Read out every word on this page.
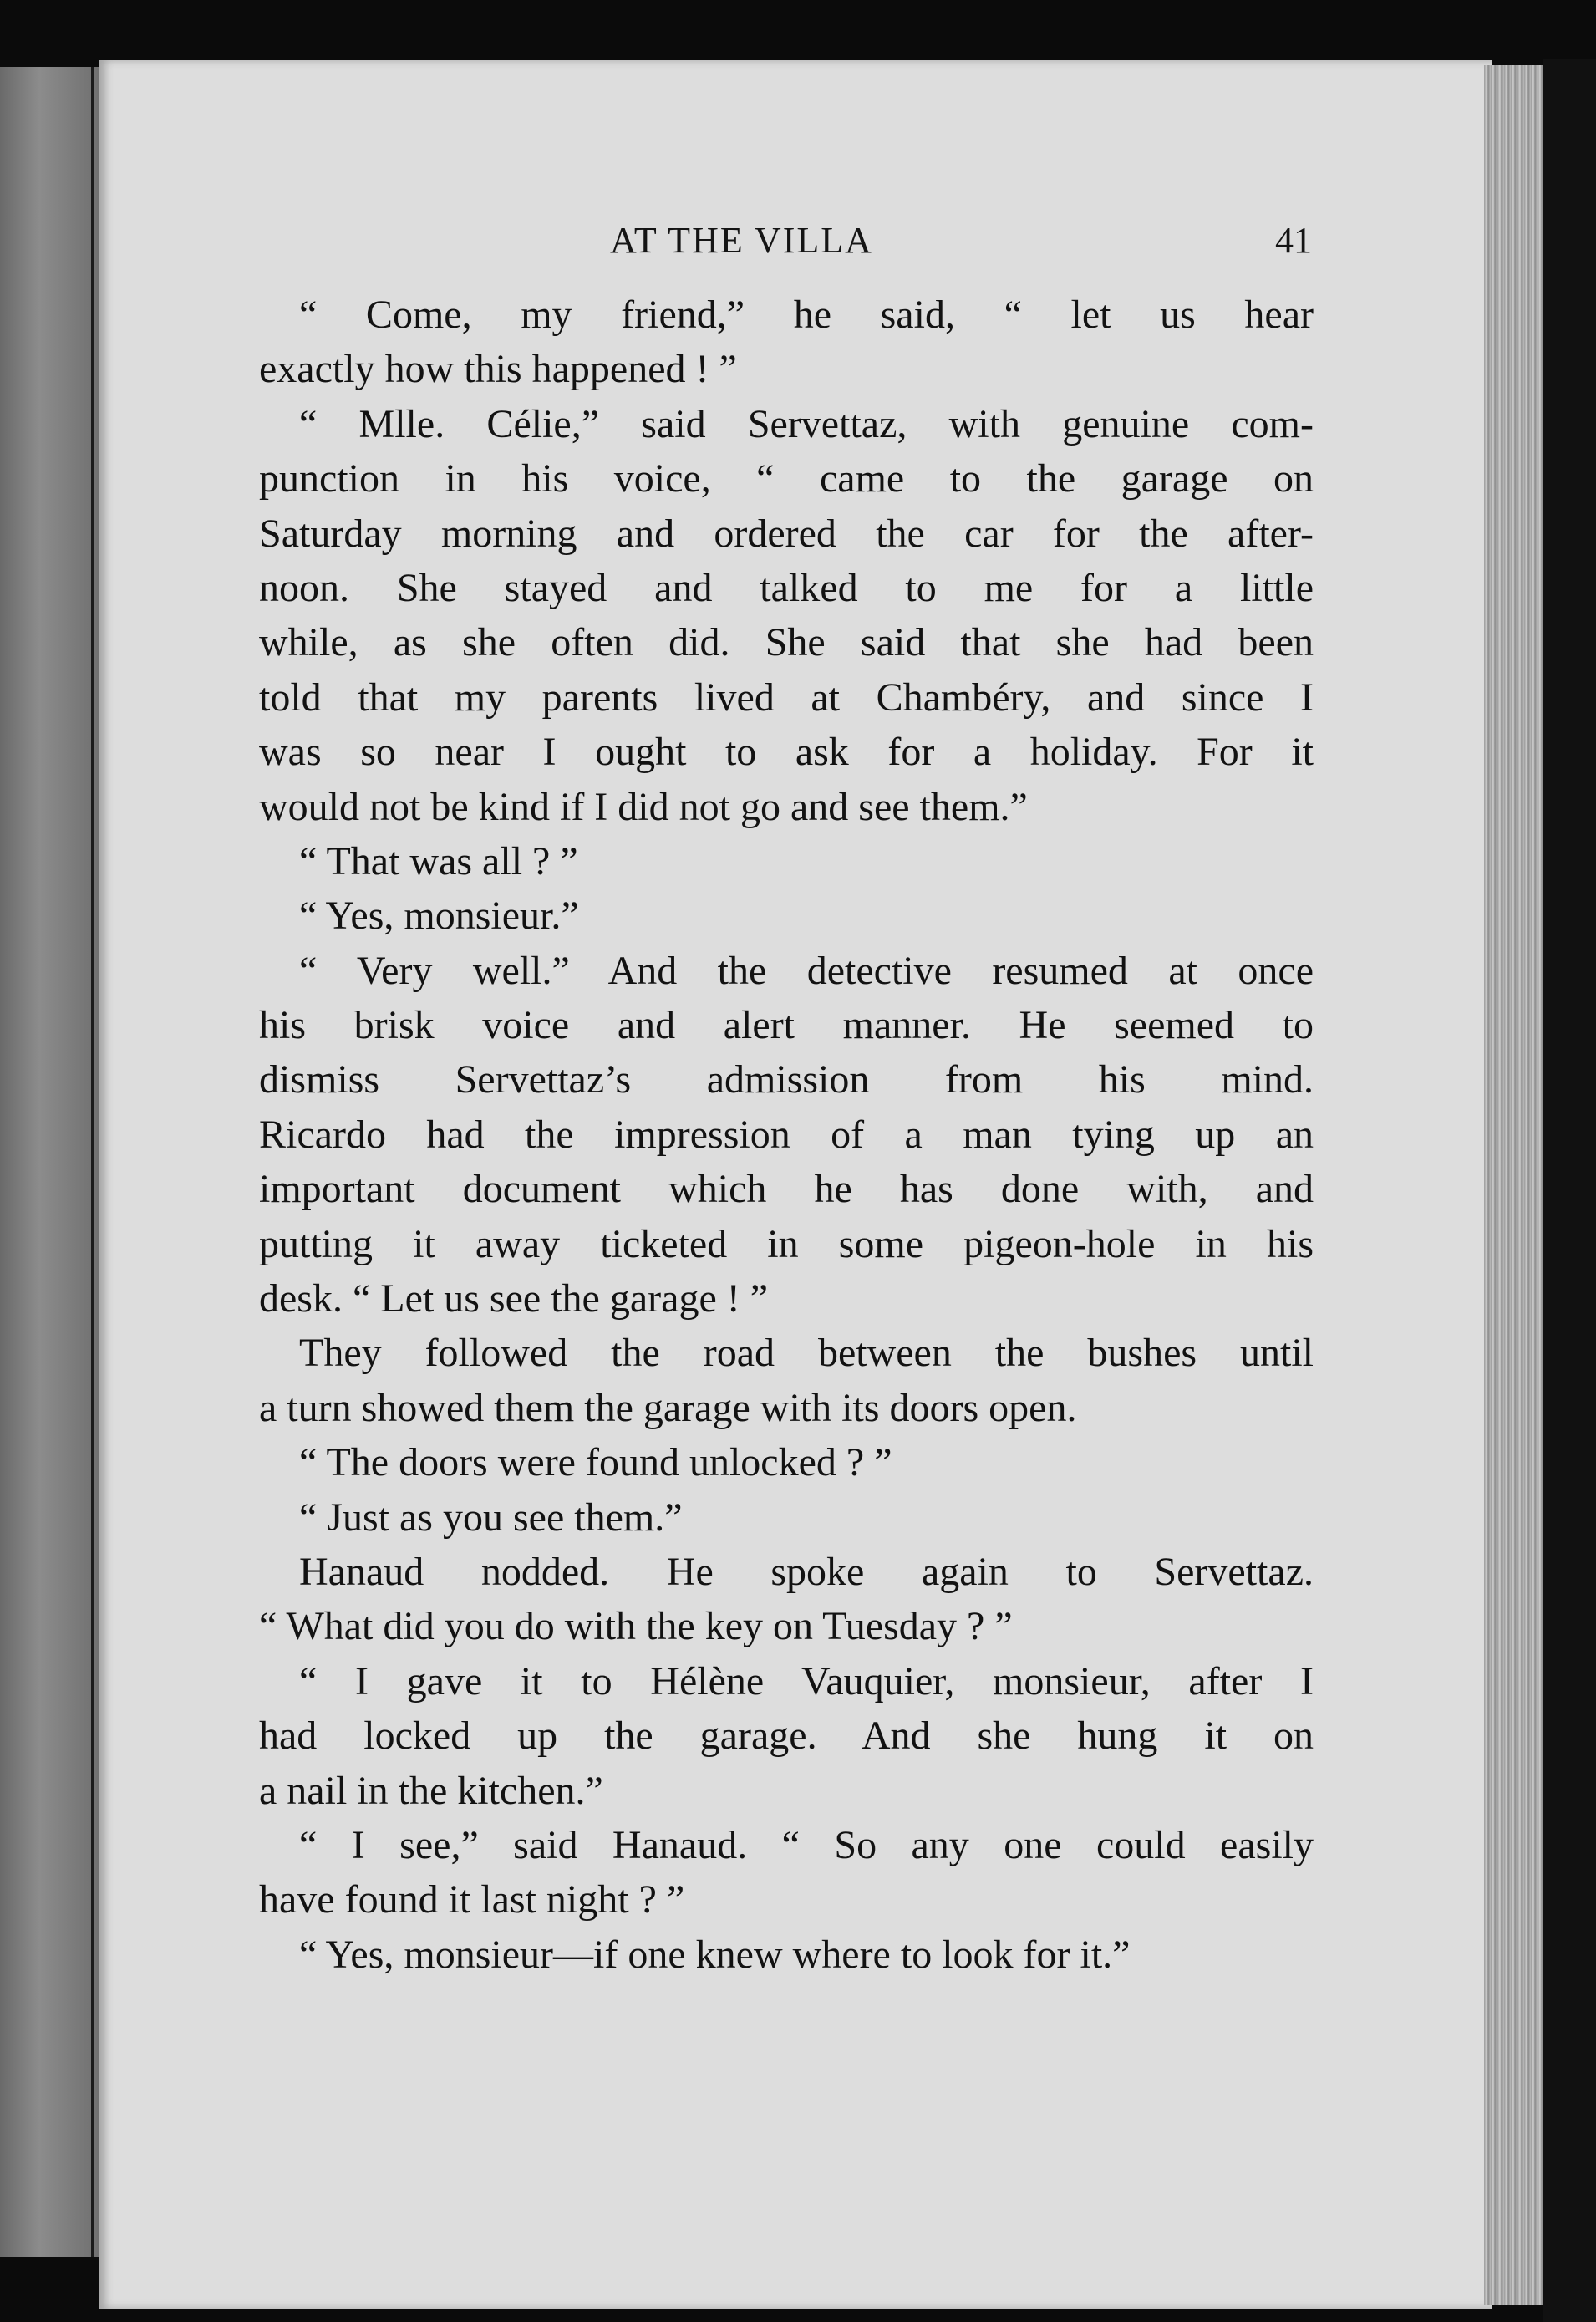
AT THE VILLA	41
“ Come, my friend,” he said, “ let us hear
exactly how this happened ! ”
“ Mlle. Célie,” said Servettaz, with genuine com-
punction in his voice, “ came to the garage on
Saturday morning and ordered the car for the after-
noon. She stayed and talked to me for a little
while, as she often did. She said that she had been
told that my parents lived at Chambéry, and since I
was so near I ought to ask for a holiday. For it
would not be kind if I did not go and see them.”
“ That was all ? ”
“ Yes, monsieur.”
“ Very well.” And the detective resumed at once
his brisk voice and alert manner. He seemed to
dismiss Servettaz’s admission from his mind.
Ricardo had the impression of a man tying up an
important document which he has done with, and
putting it away ticketed in some pigeon-hole in his
desk. “ Let us see the garage ! ”
They followed the road between the bushes until
a turn showed them the garage with its doors open.
“ The doors were found unlocked ? ”
“ Just as you see them.”
Hanaud nodded. He spoke again to Servettaz.
“ What did you do with the key on Tuesday ? ”
“ I gave it to Hélène Vauquier, monsieur, after I
had locked up the garage. And she hung it on
a nail in the kitchen.”
“ I see,” said Hanaud. “ So any one could easily
have found it last night ? ”
“ Yes, monsieur—if one knew where to look for it.”
